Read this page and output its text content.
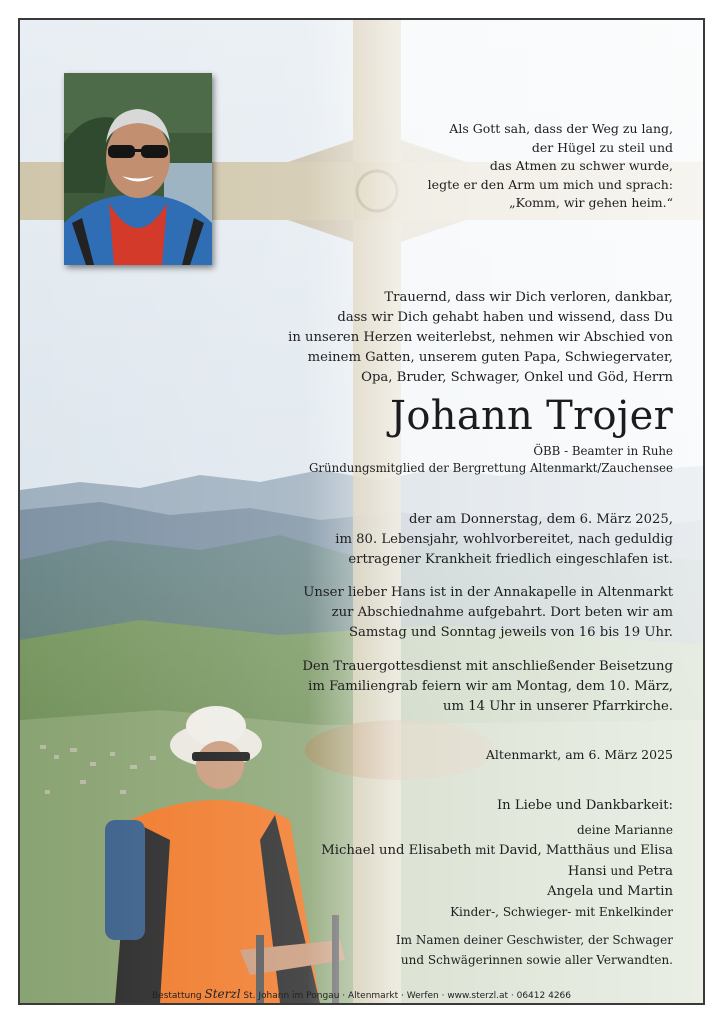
Als Gott sah, dass der Weg zu lang,
der Hügel zu steil und
das Atmen zu schwer wurde,
legte er den Arm um mich und sprach:
„Komm, wir gehen heim.“
Trauernd, dass wir Dich verloren, dankbar,
dass wir Dich gehabt haben und wissend, dass Du
in unseren Herzen weiterlebst, nehmen wir Abschied von
meinem Gatten, unserem guten Papa, Schwiegervater,
Opa, Bruder, Schwager, Onkel und Göd, Herrn
Johann Trojer
ÖBB - Beamter in Ruhe
Gründungsmitglied der Bergrettung Altenmarkt/Zauchensee
der am Donnerstag, dem 6. März 2025,
im 80. Lebensjahr, wohlvorbereitet, nach geduldig
ertragener Krankheit friedlich eingeschlafen ist.
Unser lieber Hans ist in der Annakapelle in Altenmarkt
zur Abschiednahme aufgebahrt. Dort beten wir am
Samstag und Sonntag jeweils von 16 bis 19 Uhr.
Den Trauergottesdienst mit anschließender Beisetzung
im Familiengrab feiern wir am Montag, dem 10. März,
um 14 Uhr in unserer Pfarrkirche.
Altenmarkt, am 6. März 2025
In Liebe und Dankbarkeit:
deine Marianne
Michael und Elisabeth mit David, Matthäus und Elisa
Hansi und Petra
Angela und Martin
Kinder-, Schwieger- mit Enkelkinder
Im Namen deiner Geschwister, der Schwager
und Schwägerinnen sowie aller Verwandten.
Bestattung Sterzl St. Johann im Pongau · Altenmarkt · Werfen · www.sterzl.at · 06412 4266
